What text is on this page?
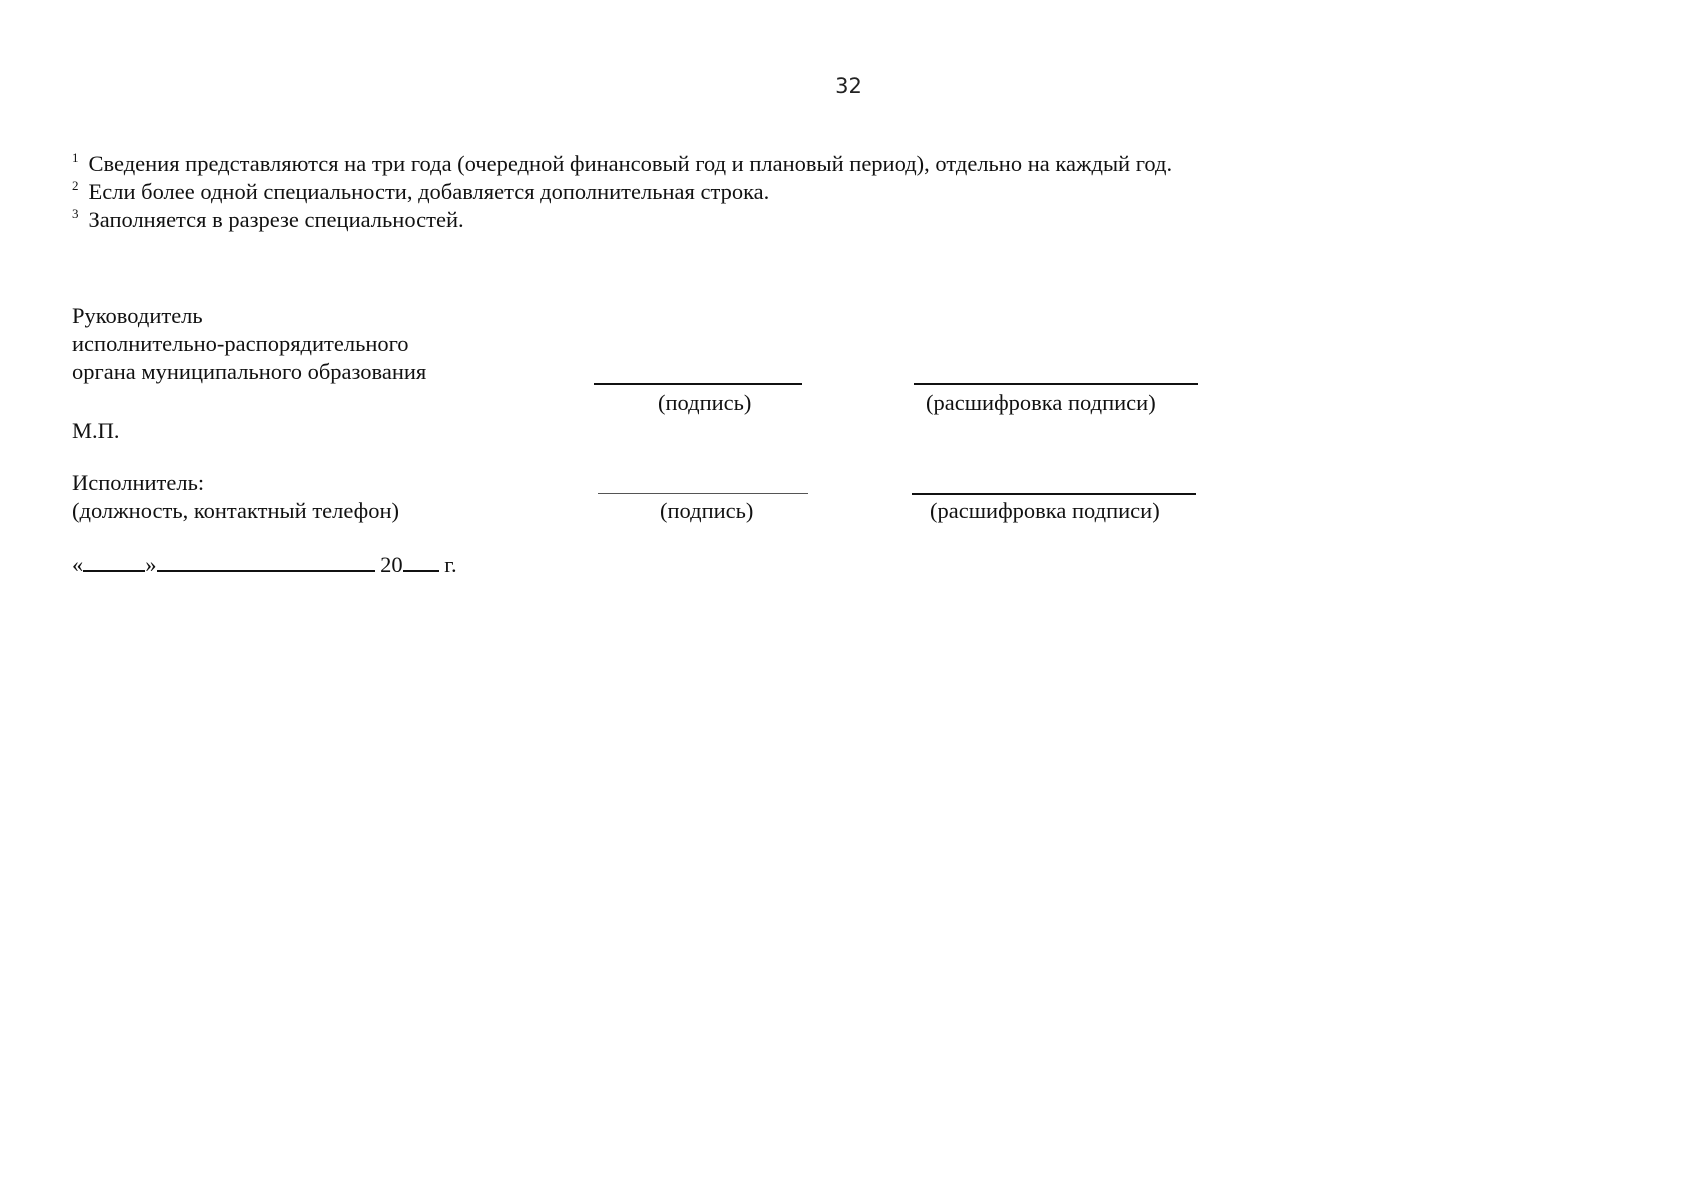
32
$^1$ Сведения представляются на три года (очередной финансовый год и плановый период), отдельно на каждый год.
$^2$ Если более одной специальности, добавляется дополнительная строка.
$^3$ Заполняется в разрезе специальностей.
Руководитель
исполнительно-распорядительного
органа муниципального образования
(подпись)	(расшифровка подписи)
М.П.
Исполнитель:
(должность, контактный телефон)	(подпись)	(расшифровка подписи)
«	»	20 г.
